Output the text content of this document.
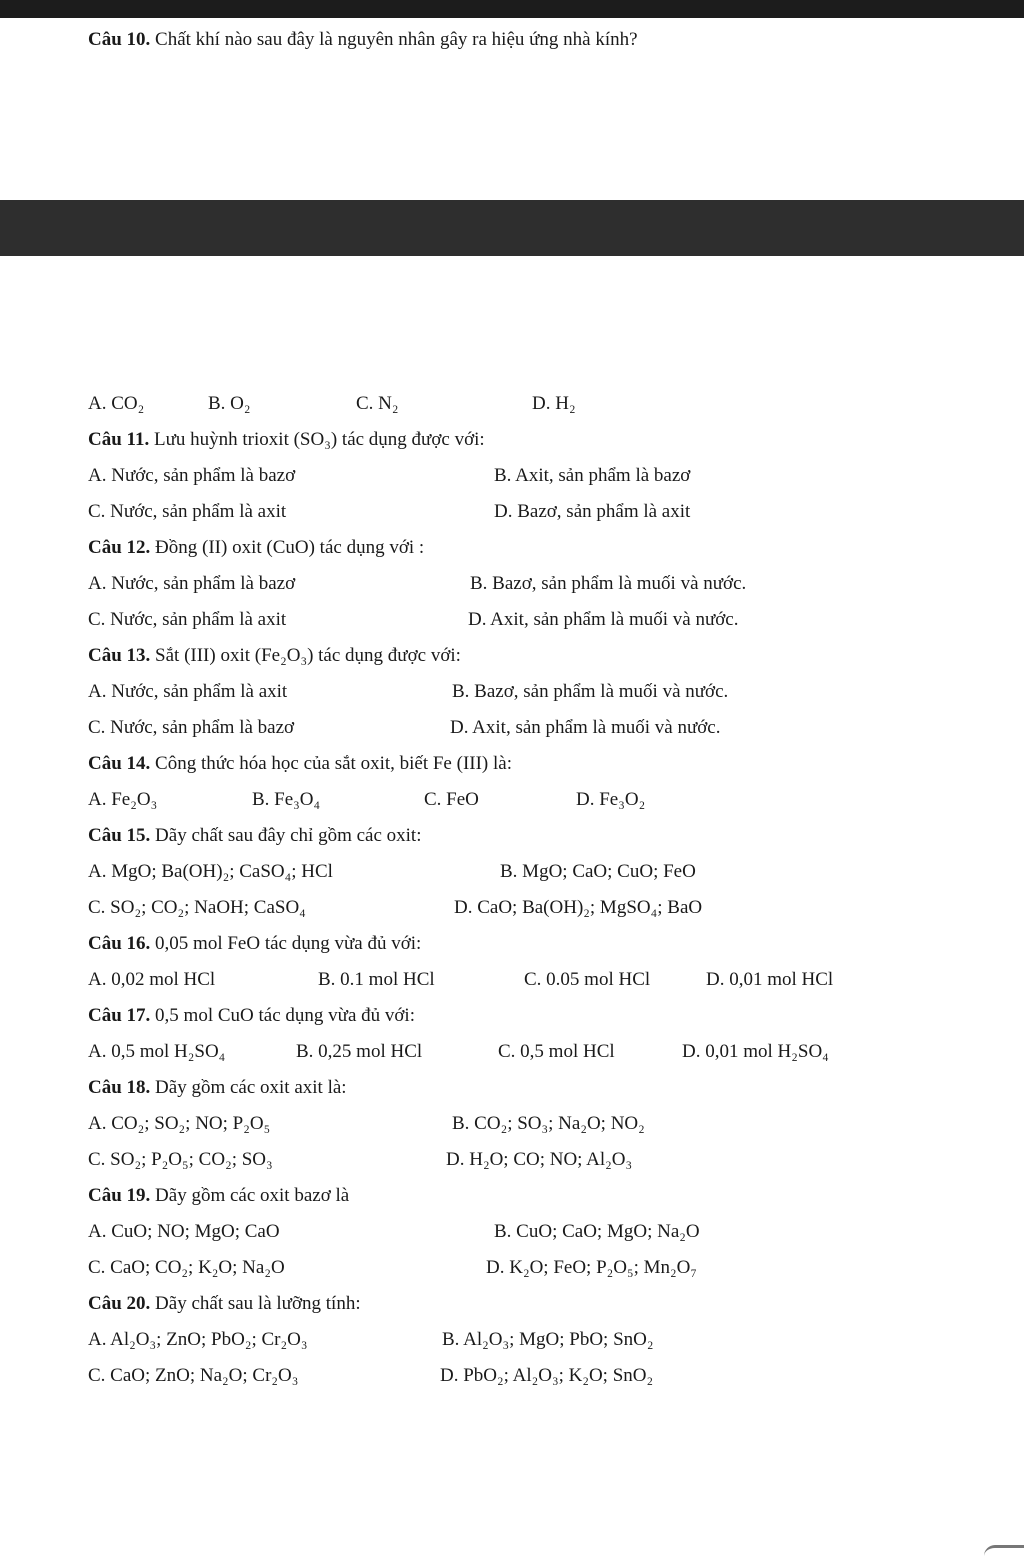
Câu 10. Chất khí nào sau đây là nguyên nhân gây ra hiệu ứng nhà kính?
A. CO₂	B. O₂	C. N₂	D. H₂
Câu 11. Lưu huỳnh trioxit (SO₃) tác dụng được với:
A. Nước, sản phẩm là bazơ	B. Axit, sản phẩm là bazơ
C. Nước, sản phẩm là axit	D. Bazơ, sản phẩm là axit
Câu 12. Đồng (II) oxit (CuO) tác dụng với :
A. Nước, sản phẩm là bazơ	B. Bazơ, sản phẩm là muối và nước.
C. Nước, sản phẩm là axit	D. Axit, sản phẩm là muối và nước.
Câu 13. Sắt (III) oxit (Fe₂O₃) tác dụng được với:
A. Nước, sản phẩm là axit	B. Bazơ, sản phẩm là muối và nước.
C. Nước, sản phẩm là bazơ	D. Axit, sản phẩm là muối và nước.
Câu 14. Công thức hóa học của sắt oxit, biết Fe (III) là:
A. Fe₂O₃	B. Fe₃O₄	C. FeO	D. Fe₃O₂
Câu 15. Dãy chất sau đây chỉ gồm các oxit:
A. MgO; Ba(OH)₂; CaSO₄; HCl	B. MgO; CaO; CuO; FeO
C. SO₂; CO₂; NaOH; CaSO₄	D. CaO; Ba(OH)₂; MgSO₄; BaO
Câu 16. 0,05 mol FeO tác dụng vừa đủ với:
A. 0,02 mol HCl	B. 0.1 mol HCl	C. 0.05 mol HCl	D. 0,01 mol HCl
Câu 17. 0,5 mol CuO tác dụng vừa đủ với:
A. 0,5 mol H₂SO₄	B. 0,25 mol HCl	C. 0,5 mol HCl	D. 0,01 mol H₂SO₄
Câu 18. Dãy gồm các oxit axit là:
A. CO₂; SO₂; NO; P₂O₅	B. CO₂; SO₃; Na₂O; NO₂
C. SO₂; P₂O₅; CO₂; SO₃	D. H₂O; CO; NO; Al₂O₃
Câu 19. Dãy gồm các oxit bazơ là
A. CuO; NO; MgO; CaO	B. CuO; CaO; MgO; Na₂O
C. CaO; CO₂; K₂O; Na₂O	D. K₂O; FeO; P₂O₅; Mn₂O₇
Câu 20. Dãy chất sau là lưỡng tính:
A. Al₂O₃; ZnO; PbO₂; Cr₂O₃	B. Al₂O₃; MgO; PbO; SnO₂
C. CaO; ZnO; Na₂O; Cr₂O₃	D. PbO₂; Al₂O₃; K₂O; SnO₂
